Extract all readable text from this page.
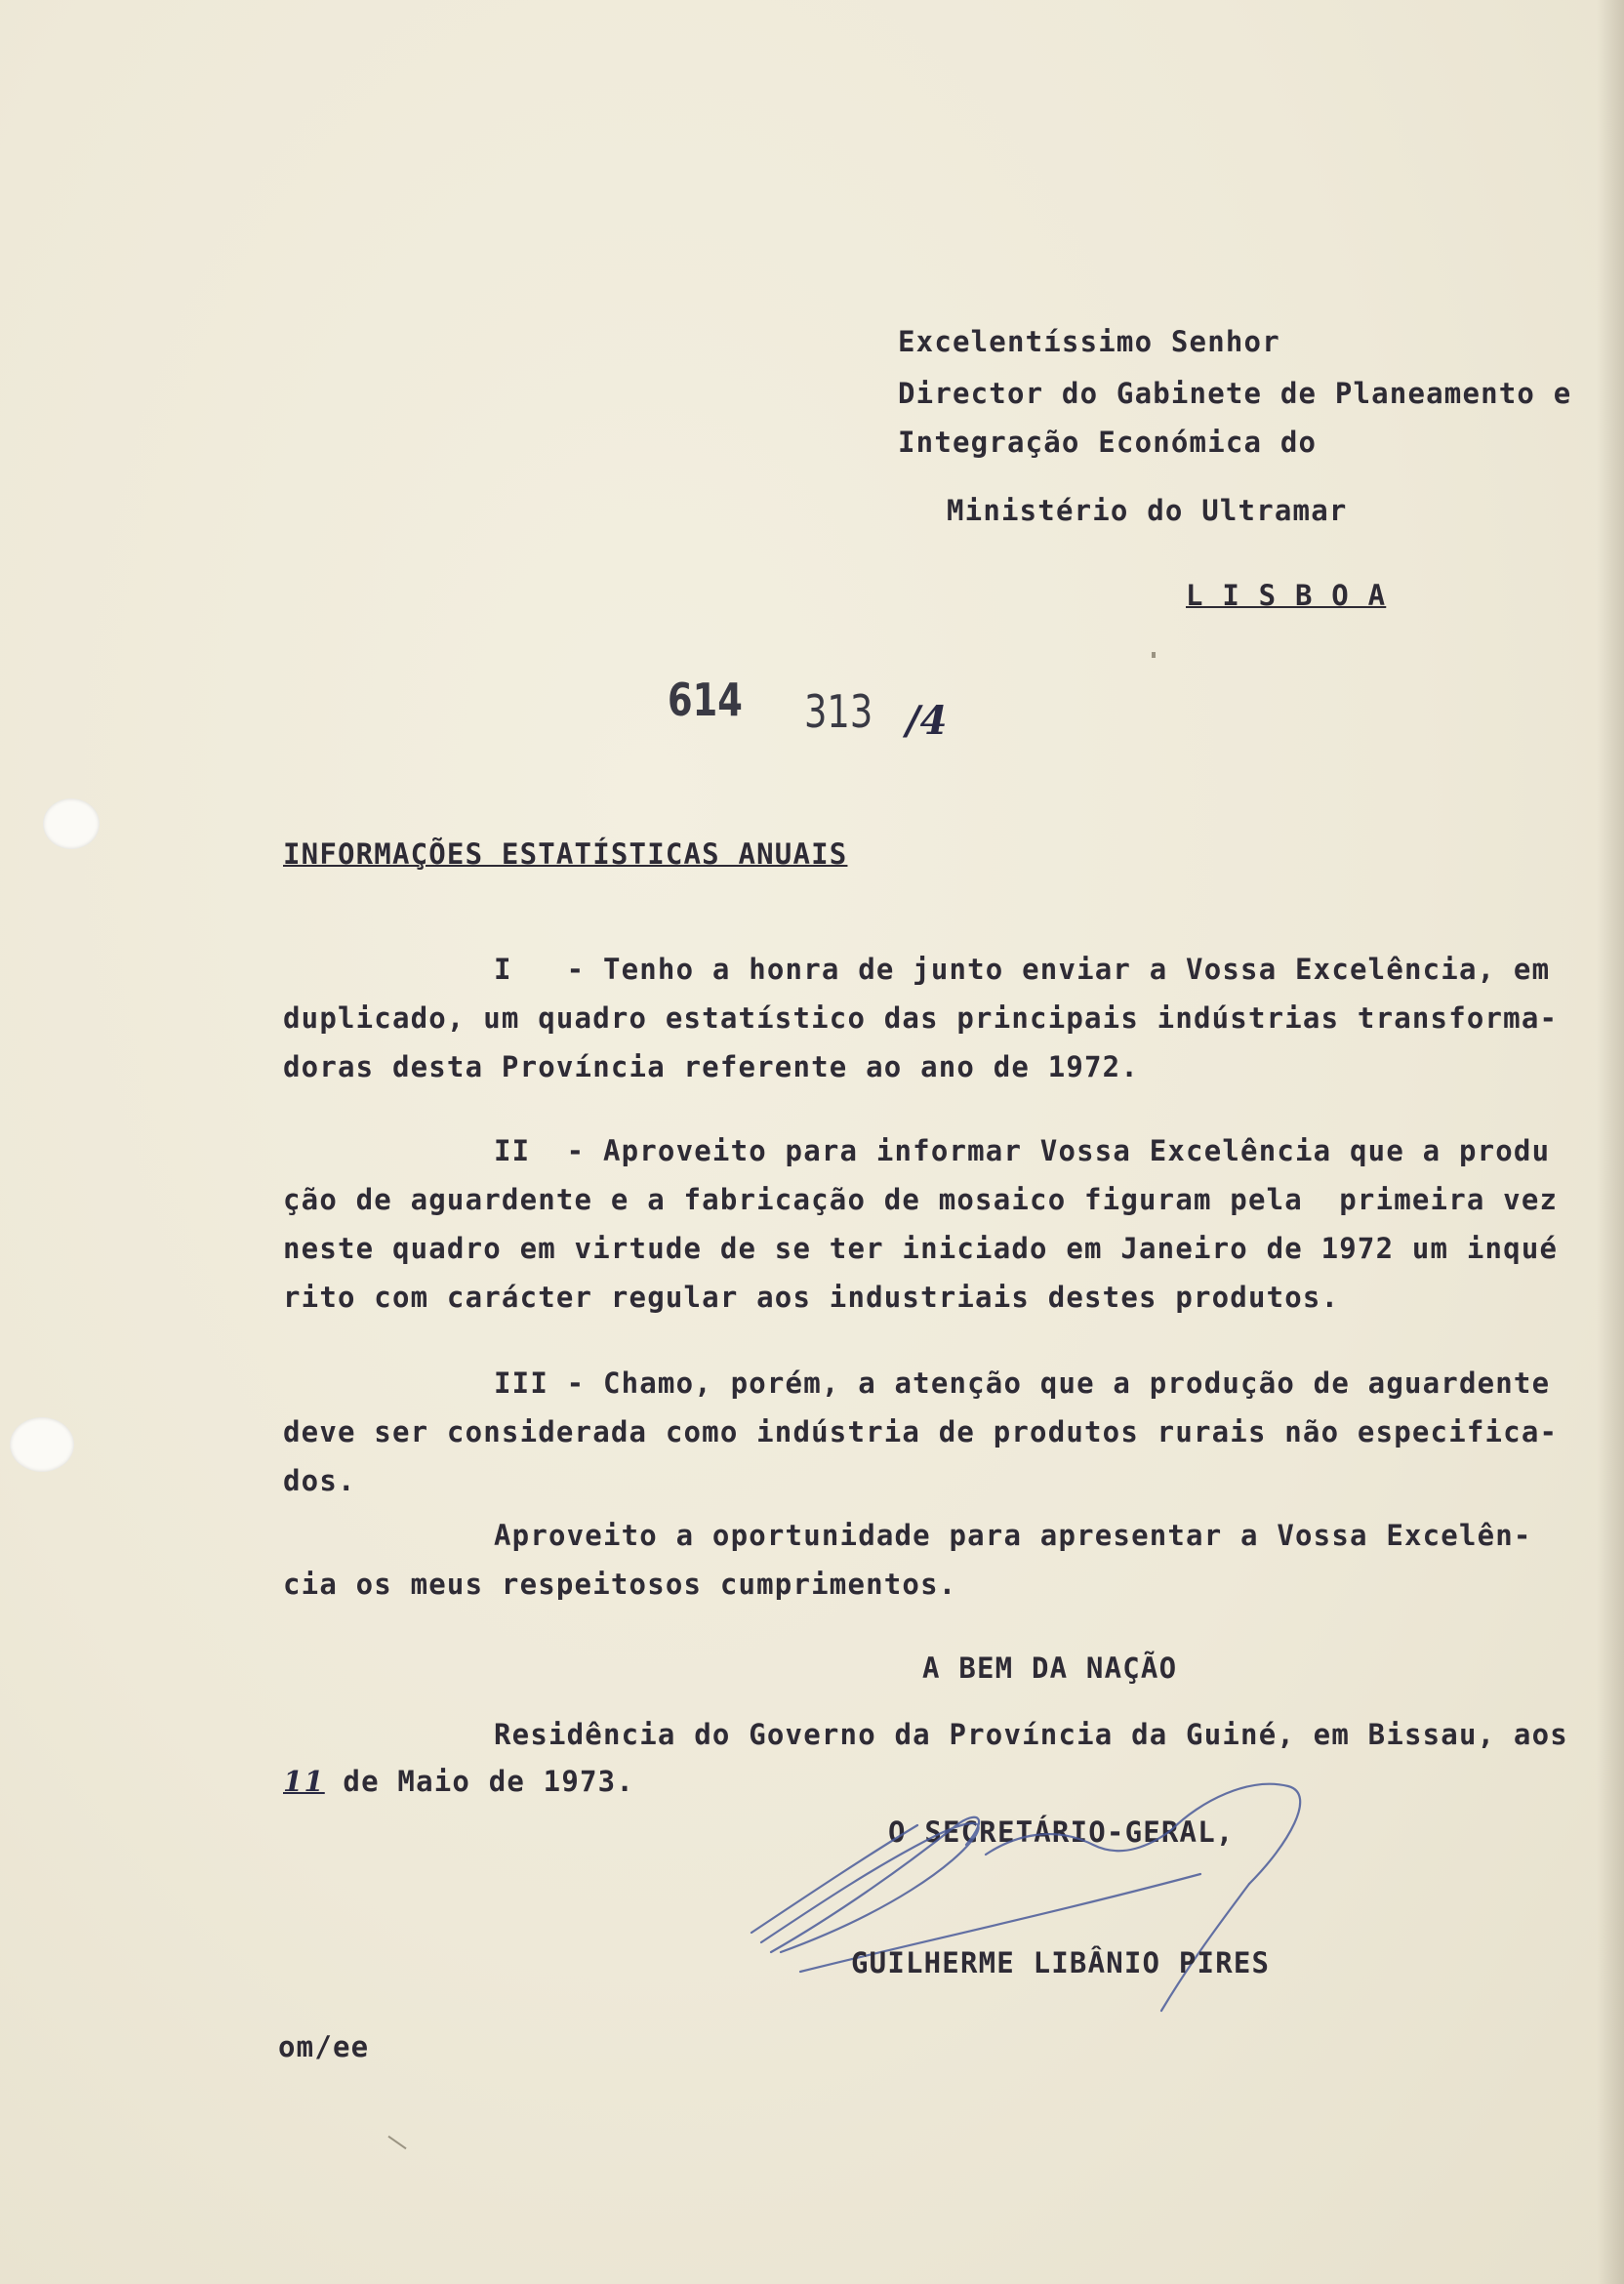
Excelentíssimo Senhor
Director do Gabinete de Planeamento e
Integração Económica do
Ministério do Ultramar
L I S B O A
614 313 /4
INFORMAÇÕES ESTATÍSTICAS ANUAIS
I   - Tenho a honra de junto enviar a Vossa Excelência, em
duplicado, um quadro estatístico das principais indústrias transforma-
doras desta Província referente ao ano de 1972.
II  - Aproveito para informar Vossa Excelência que a produ
ção de aguardente e a fabricação de mosaico figuram pela  primeira vez
neste quadro em virtude de se ter iniciado em Janeiro de 1972 um inqué
rito com carácter regular aos industriais destes produtos.
III - Chamo, porém, a atenção que a produção de aguardente
deve ser considerada como indústria de produtos rurais não especifica-
dos.
Aproveito a oportunidade para apresentar a Vossa Excelên-
cia os meus respeitosos cumprimentos.
A BEM DA NAÇÃO
Residência do Governo da Província da Guiné, em Bissau, aos
11 de Maio de 1973.
O SECRETÁRIO-GERAL,
GUILHERME LIBÂNIO PIRES
om/ee
